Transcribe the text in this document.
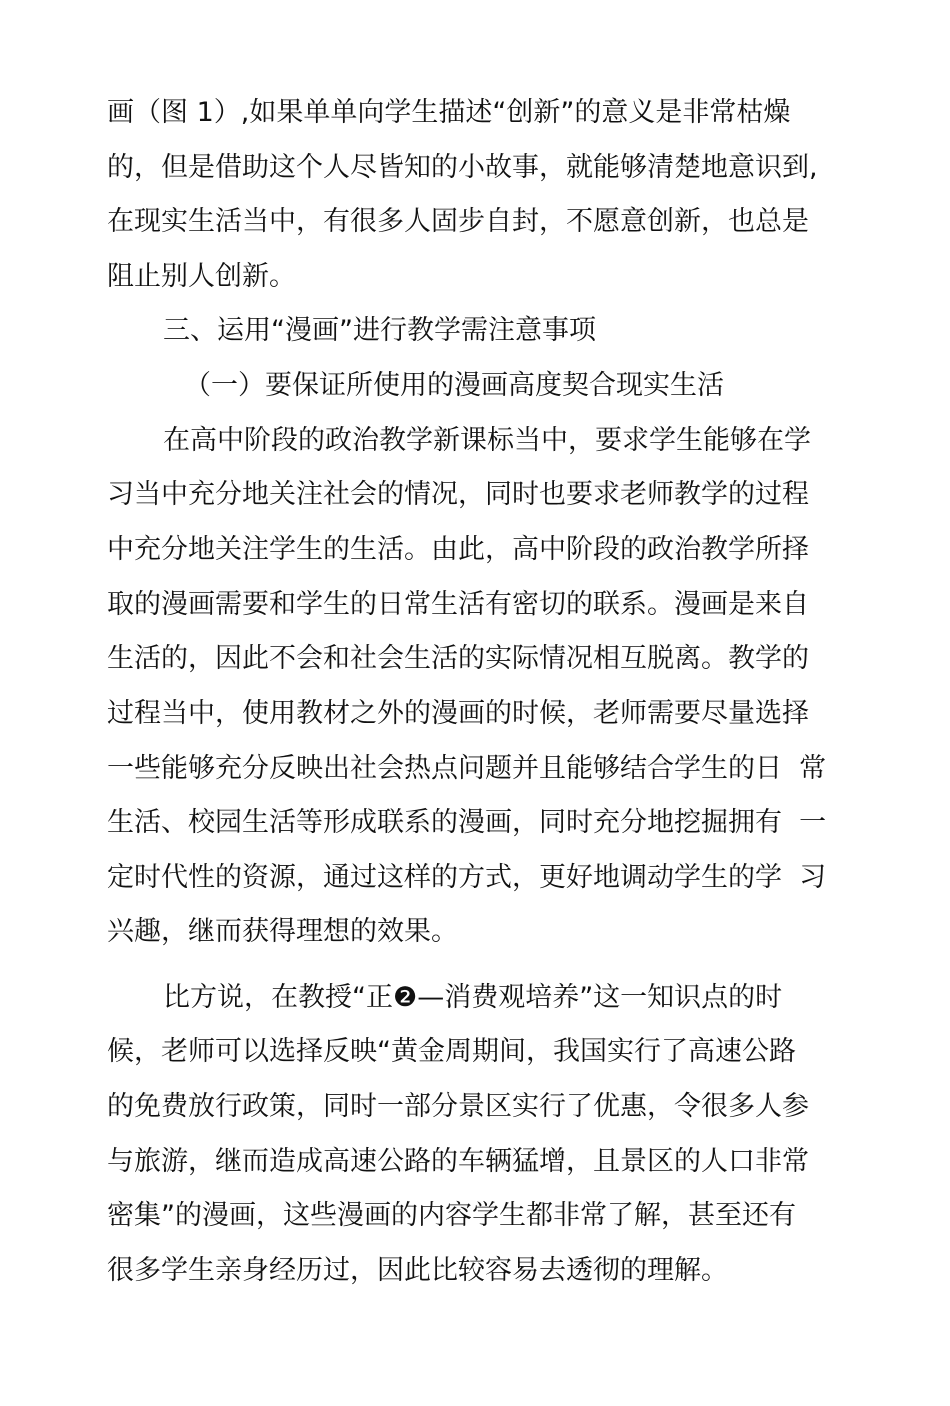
画（图 1）,如果单单向学生描述“创新”的意义是非常枯燥
的，但是借助这个人尽皆知的小故事，就能够清楚地意识到,
在现实生活当中，有很多人固步自封，不愿意创新，也总是
阻止别人创新。
三、运用“漫画”进行教学需注意事项
（一）要保证所使用的漫画高度契合现实生活
在高中阶段的政治教学新课标当中，要求学生能够在学
习当中充分地关注社会的情况，同时也要求老师教学的过程
中充分地关注学生的生活。由此，高中阶段的政治教学所择
取的漫画需要和学生的日常生活有密切的联系。漫画是来自
生活的，因此不会和社会生活的实际情况相互脱离。教学的
过程当中，使用教材之外的漫画的时候，老师需要尽量选择
一些能够充分反映出社会热点问题并且能够结合学生的日  常
生活、校园生活等形成联系的漫画，同时充分地挖掘拥有  一
定时代性的资源，通过这样的方式，更好地调动学生的学  习
兴趣，继而获得理想的效果。
比方说，在教授“正❷—消费观培养”这一知识点的时
候，老师可以选择反映“黄金周期间，我国实行了高速公路
的免费放行政策，同时一部分景区实行了优惠，令很多人参
与旅游，继而造成高速公路的车辆猛增，且景区的人口非常
密集”的漫画，这些漫画的内容学生都非常了解，甚至还有
很多学生亲身经历过，因此比较容易去透彻的理解。
